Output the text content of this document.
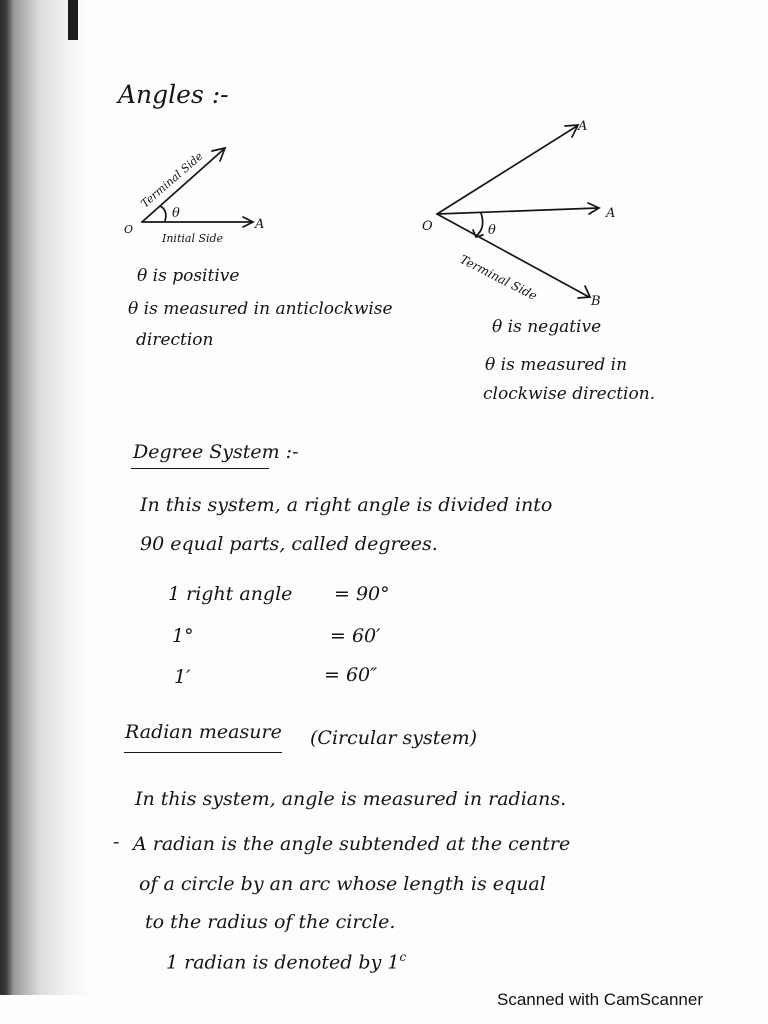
Angles :-
O	A
θ
Initial Side
Terminal Side
O
A
A
B
θ
Terminal Side
θ is positive
θ is measured in anticlockwise
direction
θ is negative
θ is measured in
clockwise direction.
Degree System :-
In this system, a right angle is divided into
90 equal parts, called degrees.
1 right angle = 90°
1°	= 60′
1′	= 60″
Radian measure (Circular system)
In this system, angle is measured in radians.
- A radian is the angle subtended at the centre
of a circle by an arc whose length is equal
to the radius of the circle.
1 radian is denoted by 1$^c$
Scanned with CamScanner
